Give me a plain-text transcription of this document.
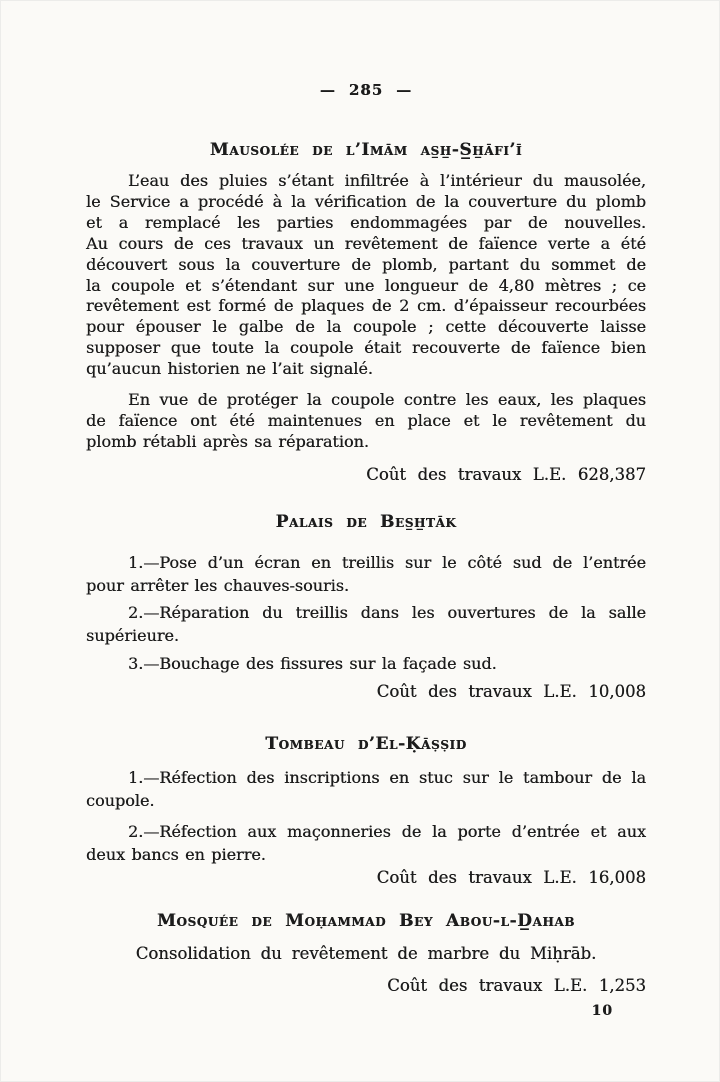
— 285 —
Mausolée de l’Imām as̲h̲-S̲h̲āfi’ī
L’eau des pluies s’étant infiltrée à l’intérieur du mausolée,
le Service a procédé à la vérification de la couverture du plomb
et a remplacé les parties endommagées par de nouvelles.
Au cours de ces travaux un revêtement de faïence verte a été
découvert sous la couverture de plomb, partant du sommet de
la coupole et s’étendant sur une longueur de 4,80 mètres ; ce
revêtement est formé de plaques de 2 cm. d’épaisseur recourbées
pour épouser le galbe de la coupole ; cette découverte laisse
supposer que toute la coupole était recouverte de faïence bien
qu’aucun historien ne l’ait signalé.
En vue de protéger la coupole contre les eaux, les plaques
de faïence ont été maintenues en place et le revêtement du
plomb rétabli après sa réparation.
Coût des travaux L.E. 628,387
Palais de Bes̲h̲tāk
1.—Pose d’un écran en treillis sur le côté sud de l’entrée
pour arrêter les chauves-souris.
2.—Réparation du treillis dans les ouvertures de la salle
supérieure.
3.—Bouchage des fissures sur la façade sud.
Coût des travaux L.E. 10,008
Tombeau d’El-Ḳāṣṣid
1.—Réfection des inscriptions en stuc sur le tambour de la
coupole.
2.—Réfection aux maçonneries de la porte d’entrée et aux
deux bancs en pierre.
Coût des travaux L.E. 16,008
Mosquée de Moḥammad Bey Abou-l-D̲ahab
Consolidation du revêtement de marbre du Miḥrāb.
Coût des travaux L.E. 1,253
10
